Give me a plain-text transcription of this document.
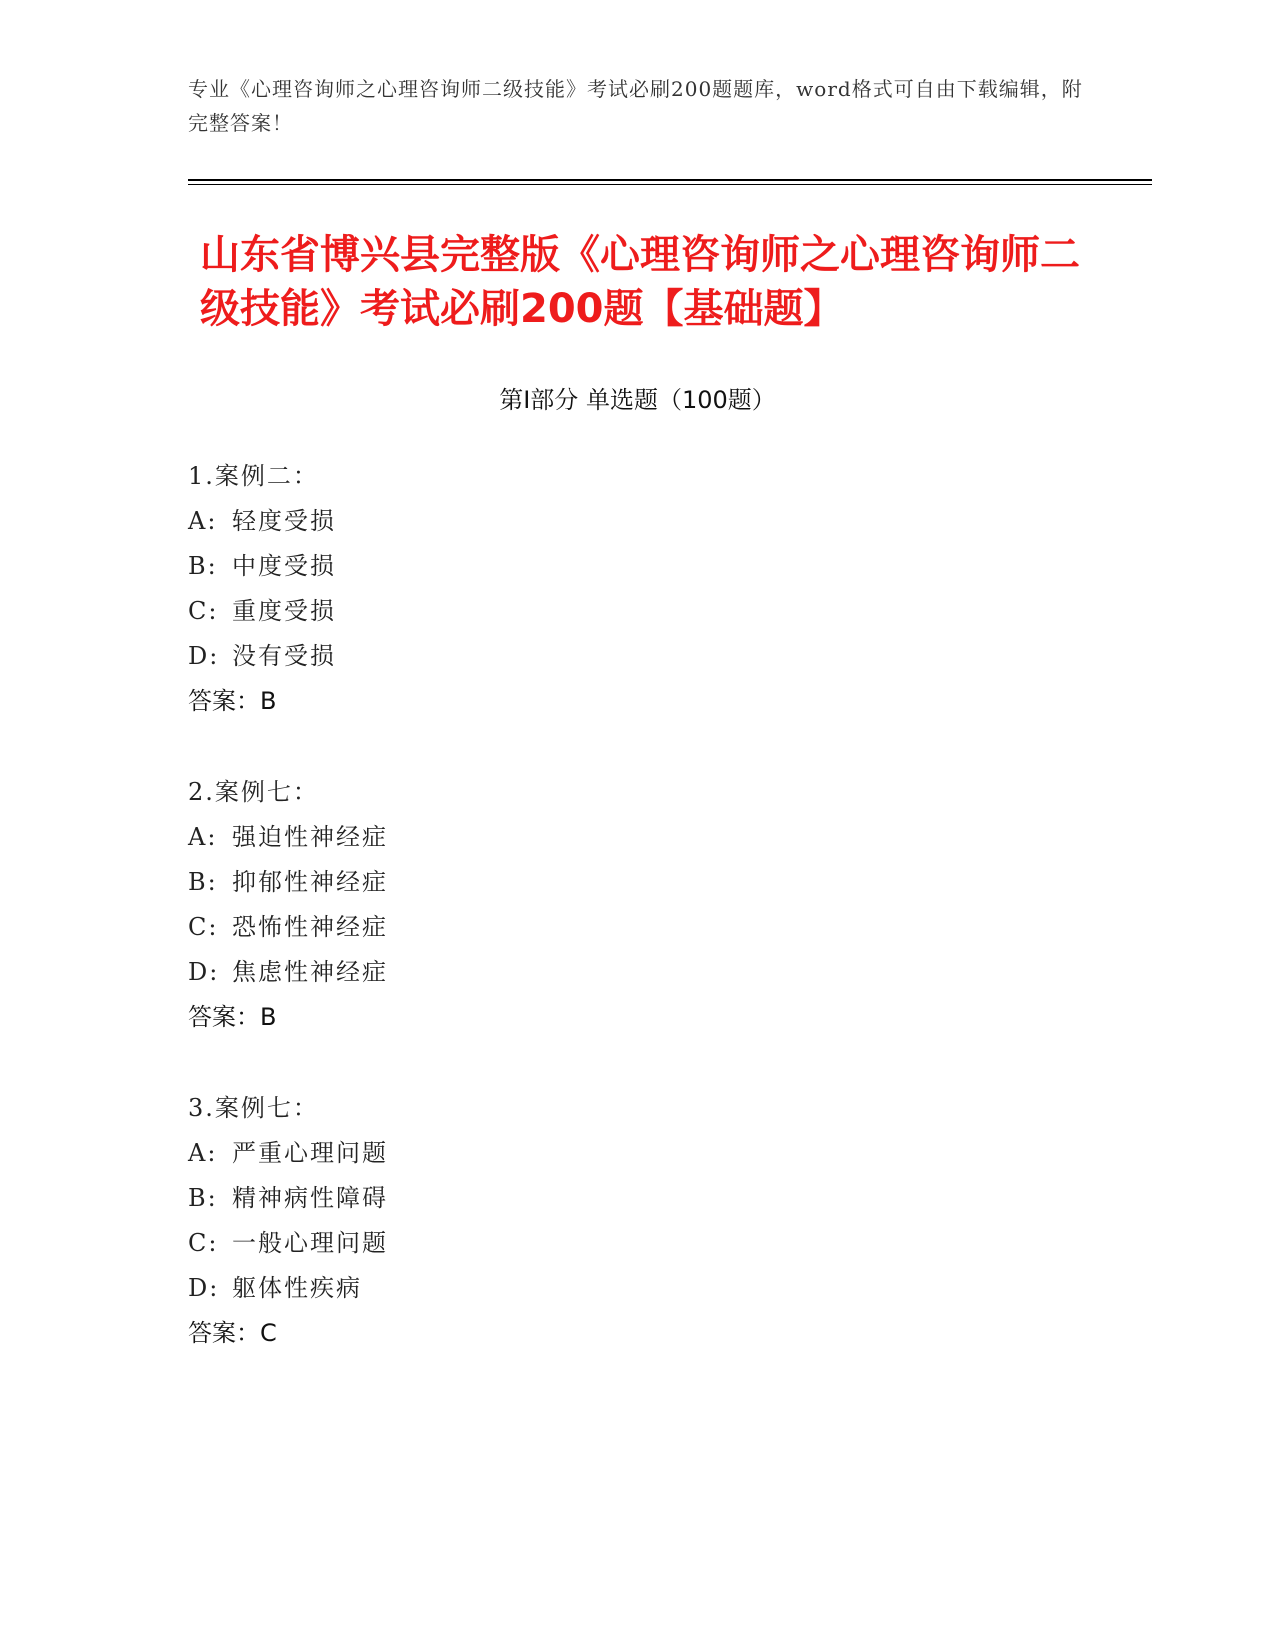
专业《心理咨询师之心理咨询师二级技能》考试必刷200题题库，word格式可自由下载编辑，附完整答案！
山东省博兴县完整版《心理咨询师之心理咨询师二级技能》考试必刷200题【基础题】
第Ⅰ部分 单选题（100题）
1.案例二：
A: 轻度受损
B: 中度受损
C: 重度受损
D: 没有受损
答案：B
2.案例七：
A: 强迫性神经症
B: 抑郁性神经症
C: 恐怖性神经症
D: 焦虑性神经症
答案：B
3.案例七：
A: 严重心理问题
B: 精神病性障碍
C: 一般心理问题
D: 躯体性疾病
答案：C
